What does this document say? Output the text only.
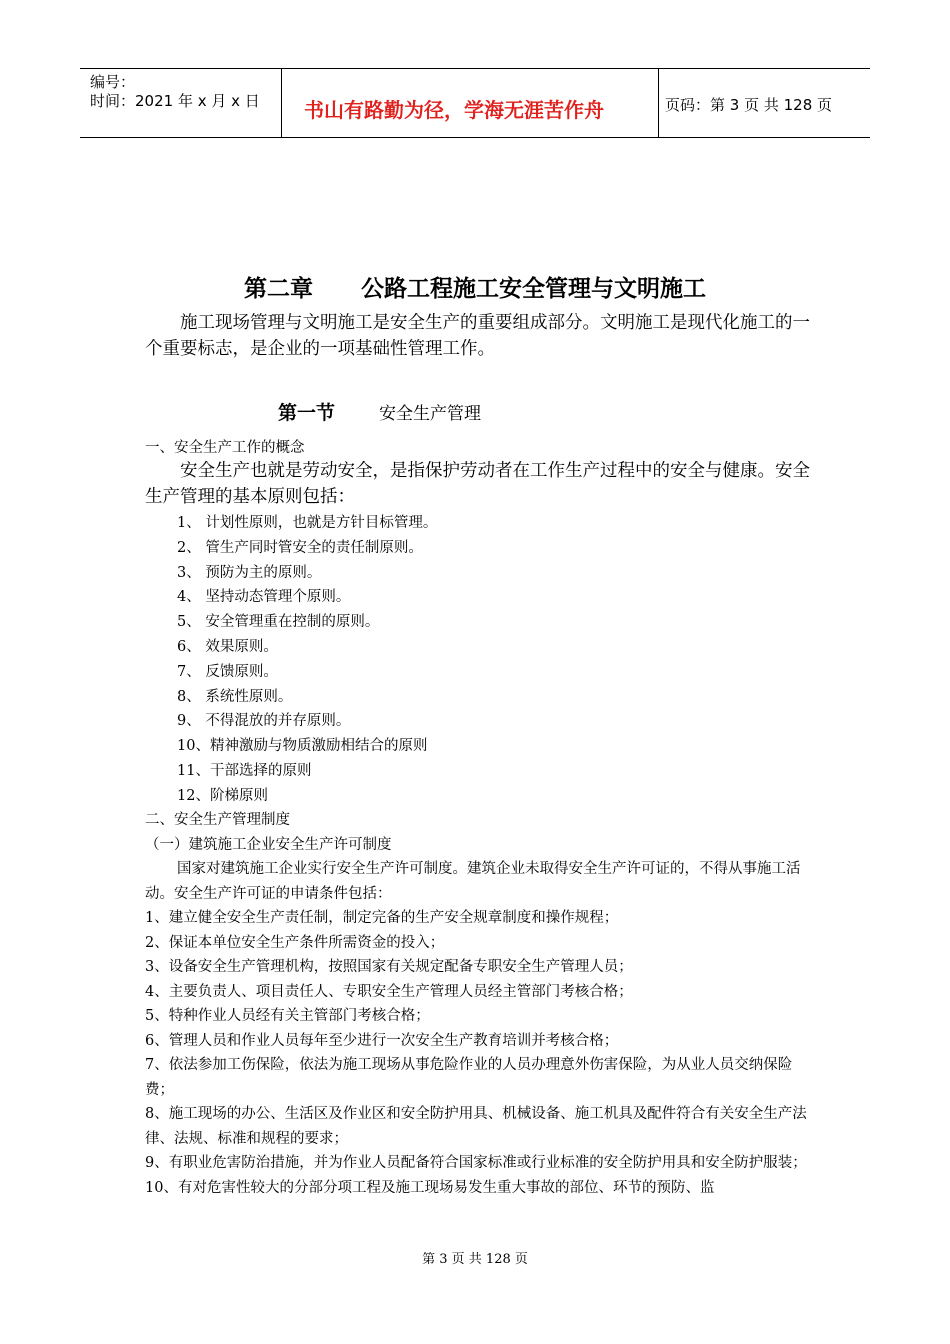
编号：
时间：2021 年 x 月 x 日 书山有路勤为径，学海无涯苦作舟	页码：第 3 页 共 128 页
第二章      公路工程施工安全管理与文明施工
施工现场管理与文明施工是安全生产的重要组成部分。文明施工是现代化施工的一个重要标志，是企业的一项基础性管理工作。
第一节	安全生产管理
一、安全生产工作的概念
安全生产也就是劳动安全，是指保护劳动者在工作生产过程中的安全与健康。安全生产管理的基本原则包括：
1、 计划性原则，也就是方针目标管理。
2、 管生产同时管安全的责任制原则。
3、 预防为主的原则。
4、 坚持动态管理个原则。
5、 安全管理重在控制的原则。
6、 效果原则。
7、 反馈原则。
8、 系统性原则。
9、 不得混放的并存原则。
10、精神激励与物质激励相结合的原则
11、干部选择的原则
12、阶梯原则
二、安全生产管理制度
（一）建筑施工企业安全生产许可制度
国家对建筑施工企业实行安全生产许可制度。建筑企业未取得安全生产许可证的，不得从事施工活动。安全生产许可证的申请条件包括：
1、建立健全安全生产责任制，制定完备的生产安全规章制度和操作规程；
2、保证本单位安全生产条件所需资金的投入；
3、设备安全生产管理机构，按照国家有关规定配备专职安全生产管理人员；
4、主要负责人、项目责任人、专职安全生产管理人员经主管部门考核合格；
5、特种作业人员经有关主管部门考核合格；
6、管理人员和作业人员每年至少进行一次安全生产教育培训并考核合格；
7、依法参加工伤保险，依法为施工现场从事危险作业的人员办理意外伤害保险，为从业人员交纳保险费；
8、施工现场的办公、生活区及作业区和安全防护用具、机械设备、施工机具及配件符合有关安全生产法律、法规、标准和规程的要求；
9、有职业危害防治措施，并为作业人员配备符合国家标准或行业标准的安全防护用具和安全防护服装；
10、有对危害性较大的分部分项工程及施工现场易发生重大事故的部位、环节的预防、监
第 3 页 共 128 页
